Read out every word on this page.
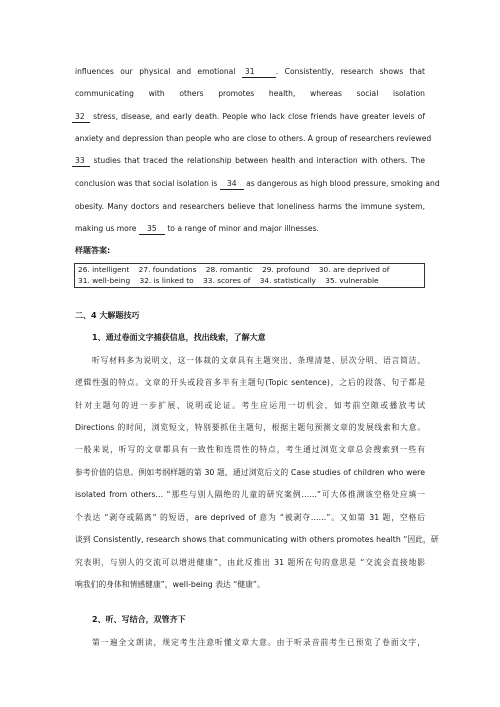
influences our physical and emotional 31	. Consistently, research shows that
communicating with others promotes health, whereas social isolation
32 stress, disease, and early death. People who lack close friends have greater levels of
anxiety and depression than people who are close to others. A group of researchers reviewed
33 studies that traced the relationship between health and interaction with others. The
conclusion was that social isolation is 34 as dangerous as high blood pressure, smoking and
obesity. Many doctors and researchers believe that loneliness harms the immune system,
making us more 35 to a range of minor and major illnesses.
样题答案:
26. intelligent 27. foundations 28. romantic 29. profound 30. are deprived of
31. well-being 32. is linked to 33. scores of 34. statistically 35. vulnerable
二、4 大解题技巧
1、通过卷面文字捕获信息，找出线索，了解大意
听写材料多为说明文，这一体裁的文章具有主题突出、条理清楚、层次分明、语言简洁、
逻辑性强的特点。文章的开头或段首多半有主题句(Topic sentence)，之后的段落、句子都是
针对主题句的进一步扩展、说明或论证。考生应运用一切机会，如考前空隙或播放考试
Directions 的时间，浏览短文，特别要抓住主题句，根据主题句预测文章的发展线索和大意。
一般来说，听写的文章都具有一致性和连贯性的特点，考生通过浏览文章总会搜索到一些有
参考价值的信息。例如考纲样题的第 30 题，通过浏览后文的 Case studies of children who were
isolated from others… “那些与别人隔绝的儿童的研究案例……”可大体推测该空格处应填一
个表达 “剥夺或隔离” 的短语，are deprived of 意为 “被剥夺……”。又如第 31 题，空格后
谈到 Consistently, research shows that communicating with others promotes health “因此，研
究表明，与别人的交流可以增进健康”，由此反推出 31 题所在句的意思是 “交流会直接地影
响我们的身体和情感健康”，well-being 表达 “健康”。
2、听、写结合，双管齐下
第一遍全文朗读，规定考生注意听懂文章大意。由于听录音前考生已预览了卷面文字，
